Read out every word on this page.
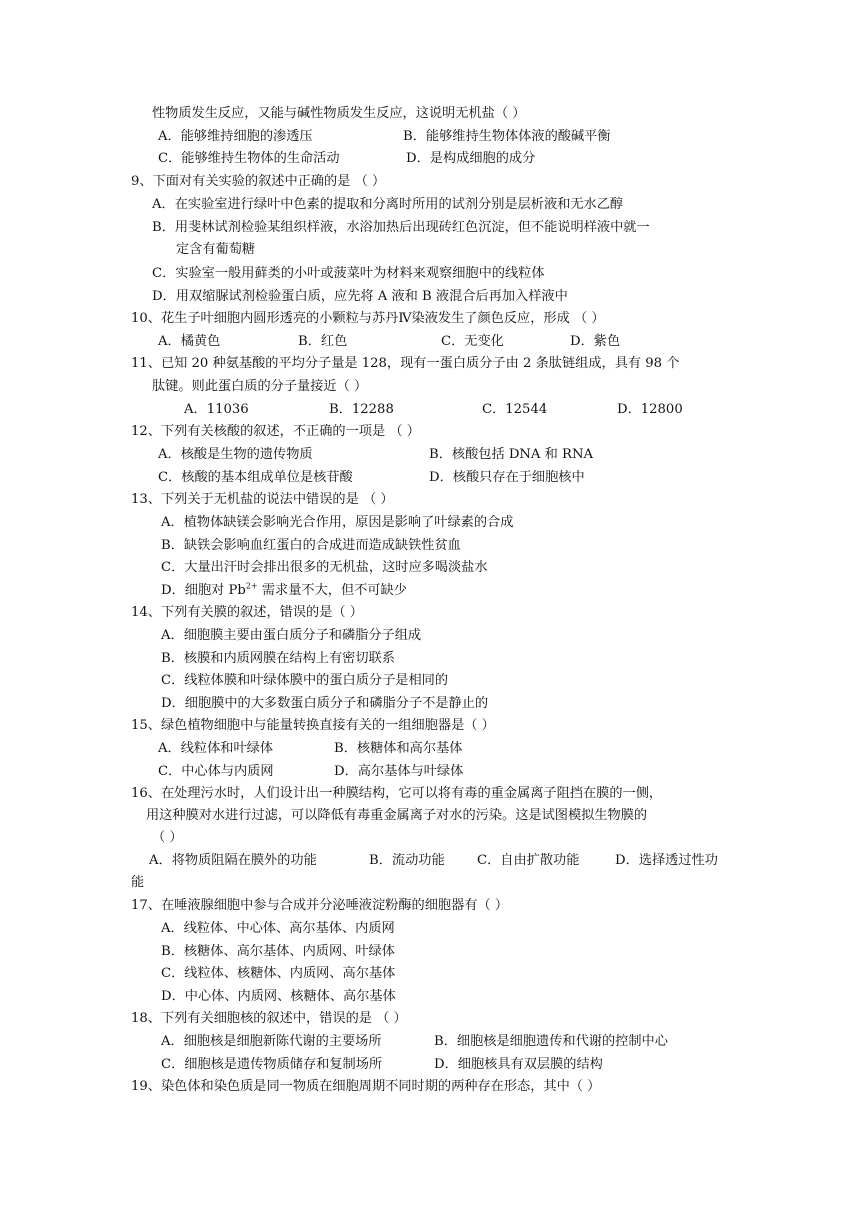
性物质发生反应，又能与碱性物质发生反应，这说明无机盐（ ）
A．能够维持细胞的渗透压	B．能够维持生物体体液的酸碱平衡
C．能够维持生物体的生命活动	D．是构成细胞的成分
9、下面对有关实验的叙述中正确的是 （ ）
A．在实验室进行绿叶中色素的提取和分离时所用的试剂分别是层析液和无水乙醇
B．用斐林试剂检验某组织样液，水浴加热后出现砖红色沉淀，但不能说明样液中就一
定含有葡萄糖
C．实验室一般用藓类的小叶或菠菜叶为材料来观察细胞中的线粒体
D．用双缩脲试剂检验蛋白质，应先将 A 液和 B 液混合后再加入样液中
10、花生子叶细胞内圆形透亮的小颗粒与苏丹Ⅳ染液发生了颜色反应，形成 （ ）
A．橘黄色	B．红色	C．无变化	D．紫色
11、已知 20 种氨基酸的平均分子量是 128，现有一蛋白质分子由 2 条肽链组成，具有 98 个
肽键。则此蛋白质的分子量接近（ ）
A．11036	B．12288	C．12544	D．12800
12、下列有关核酸的叙述，不正确的一项是 （ ）
A．核酸是生物的遗传物质	B．核酸包括 DNA 和 RNA
C．核酸的基本组成单位是核苷酸	D．核酸只存在于细胞核中
13、下列关于无机盐的说法中错误的是 （ ）
A．植物体缺镁会影响光合作用，原因是影响了叶绿素的合成
B．缺铁会影响血红蛋白的合成进而造成缺铁性贫血
C．大量出汗时会排出很多的无机盐，这时应多喝淡盐水
D．细胞对 $Pb^{2+}$ 需求量不大，但不可缺少
14、下列有关膜的叙述，错误的是（ ）
A．细胞膜主要由蛋白质分子和磷脂分子组成
B．核膜和内质网膜在结构上有密切联系
C．线粒体膜和叶绿体膜中的蛋白质分子是相同的
D．细胞膜中的大多数蛋白质分子和磷脂分子不是静止的
15、绿色植物细胞中与能量转换直接有关的一组细胞器是（ ）
A．线粒体和叶绿体	B．核糖体和高尔基体
C．中心体与内质网	D．高尔基体与叶绿体
16、在处理污水时，人们设计出一种膜结构，它可以将有毒的重金属离子阻挡在膜的一侧，
用这种膜对水进行过滤，可以降低有毒重金属离子对水的污染。这是试图模拟生物膜的
（ ）
A．将物质阻隔在膜外的功能	B．流动功能 C．自由扩散功能	D．选择透过性功
能
17、在唾液腺细胞中参与合成并分泌唾液淀粉酶的细胞器有（ ）
A．线粒体、中心体、高尔基体、内质网
B．核糖体、高尔基体、内质网、叶绿体
C．线粒体、核糖体、内质网、高尔基体
D．中心体、内质网、核糖体、高尔基体
18、下列有关细胞核的叙述中，错误的是 （ ）
A．细胞核是细胞新陈代谢的主要场所	B．细胞核是细胞遗传和代谢的控制中心
C．细胞核是遗传物质储存和复制场所	D．细胞核具有双层膜的结构
19、染色体和染色质是同一物质在细胞周期不同时期的两种存在形态，其中（ ）
